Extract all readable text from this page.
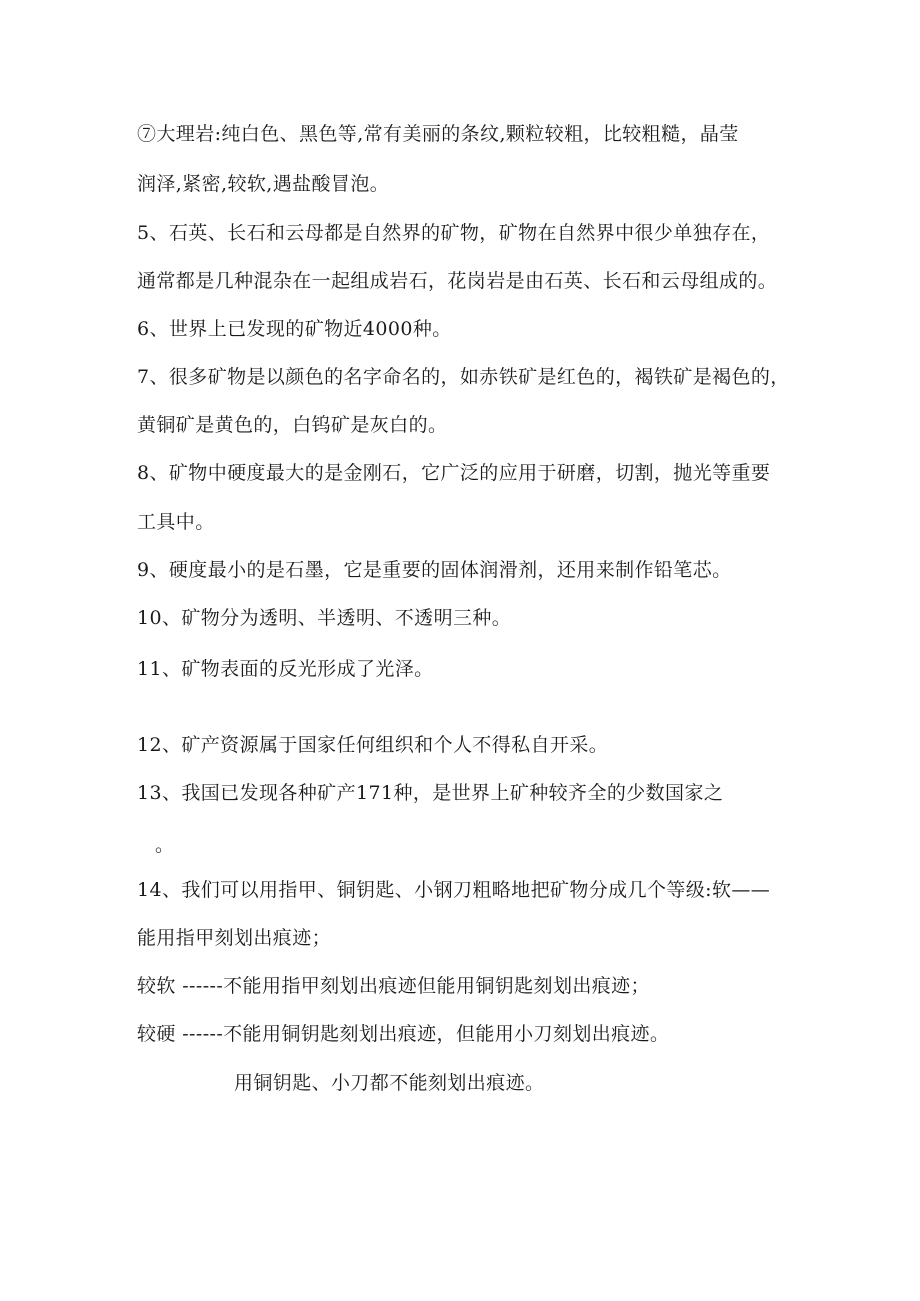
⑦大理岩:纯白色、黑色等,常有美丽的条纹,颗粒较粗，比较粗糙，晶莹

润泽,紧密,较软,遇盐酸冒泡。

5、石英、长石和云母都是自然界的矿物，矿物在自然界中很少单独存在，

通常都是几种混杂在一起组成岩石，花岗岩是由石英、长石和云母组成的。

6、世界上已发现的矿物近4000种。

7、很多矿物是以颜色的名字命名的，如赤铁矿是红色的，褐铁矿是褐色的，

黄铜矿是黄色的，白钨矿是灰白的。

8、矿物中硬度最大的是金刚石，它广泛的应用于研磨，切割，抛光等重要

工具中。

9、硬度最小的是石墨，它是重要的固体润滑剂，还用来制作铅笔芯。

10、矿物分为透明、半透明、不透明三种。

11、矿物表面的反光形成了光泽。

12、矿产资源属于国家任何组织和个人不得私自开采。

13、我国已发现各种矿产171种，是世界上矿种较齐全的少数国家之

。

14、我们可以用指甲、铜钥匙、小钢刀粗略地把矿物分成几个等级:软——

能用指甲刻划出痕迹；

较软 ------不能用指甲刻划出痕迹但能用铜钥匙刻划出痕迹；

较硬 ------不能用铜钥匙刻划出痕迹，但能用小刀刻划出痕迹。

用铜钥匙、小刀都不能刻划出痕迹。
